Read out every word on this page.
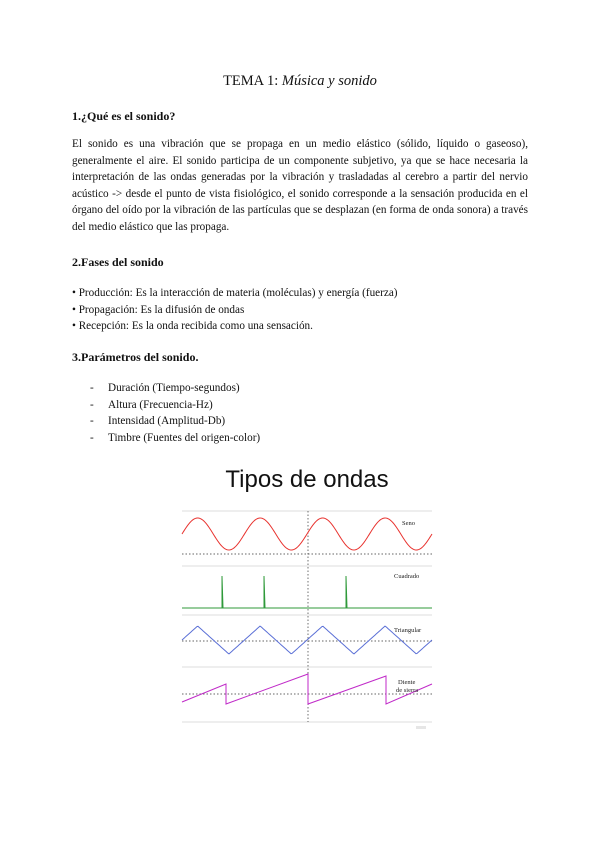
TEMA 1: Música y sonido
1.¿Qué es el sonido?
El sonido es una vibración que se propaga en un medio elástico (sólido, líquido o gaseoso), generalmente el aire. El sonido participa de un componente subjetivo, ya que se hace necesaria la interpretación de las ondas generadas por la vibración y trasladadas al cerebro a partir del nervio acústico -> desde el punto de vista fisiológico, el sonido corresponde a la sensación producida en el órgano del oído por la vibración de las partículas que se desplazan (en forma de onda sonora) a través del medio elástico que las propaga.
2.Fases del sonido
• Producción: Es la interacción de materia (moléculas) y energía (fuerza)
• Propagación: Es la difusión de ondas
• Recepción: Es la onda recibida como una sensación.
3.Parámetros del sonido.
- Duración (Tiempo-segundos)
- Altura (Frecuencia-Hz)
- Intensidad (Amplitud-Db)
- Timbre (Fuentes del origen-color)
Tipos de ondas
Seno
Cuadrado
Triangular
Diente
de sierra
